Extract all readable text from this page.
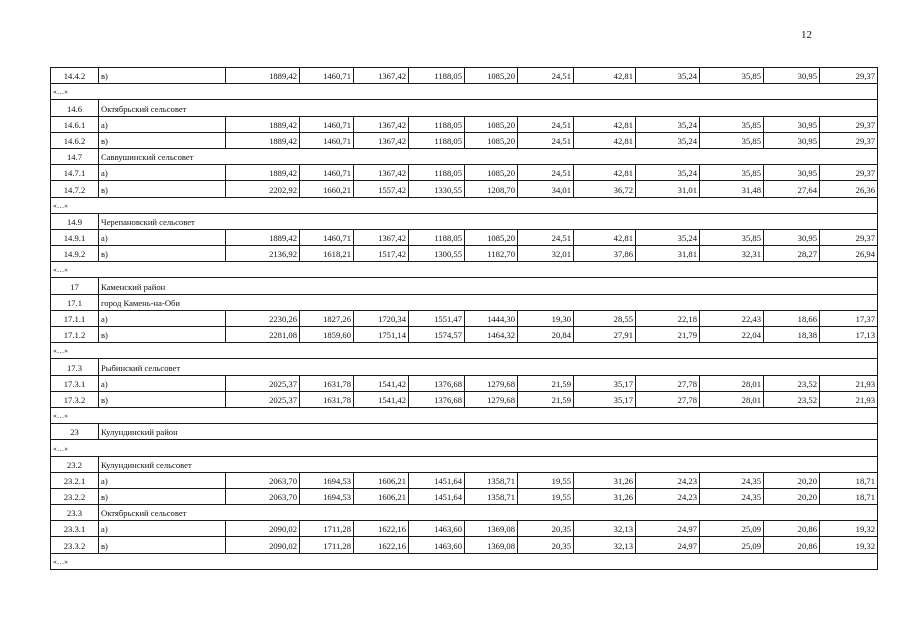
12
14.4.2	в)	1889,42	1460,71	1367,42	1188,05	1085,20	24,51	42,81	35,24	35,85	30,95	29,37
«…»												
14.6	Октябрьский сельсовет											
14.6.1	а)	1889,42	1460,71	1367,42	1188,05	1085,20	24,51	42,81	35,24	35,85	30,95	29,37
14.6.2	в)	1889,42	1460,71	1367,42	1188,05	1085,20	24,51	42,81	35,24	35,85	30,95	29,37
14.7	Саввушинский сельсовет											
14.7.1	а)	1889,42	1460,71	1367,42	1188,05	1085,20	24,51	42,81	35,24	35,85	30,95	29,37
14.7.2	в)	2202,92	1660,21	1557,42	1330,55	1208,70	34,01	36,72	31,01	31,48	27,64	26,36
«…»												
14.9	Черепановский сельсовет											
14.9.1	а)	1889,42	1460,71	1367,42	1188,05	1085,20	24,51	42,81	35,24	35,85	30,95	29,37
14.9.2	в)	2136,92	1618,21	1517,42	1300,55	1182,70	32,01	37,86	31,81	32,31	28,27	26,94
«…»												
17	Каменский район											
17.1	город Камень-на-Оби											
17.1.1	а)	2230,26	1827,26	1720,34	1551,47	1444,30	19,30	28,55	22,18	22,43	18,66	17,37
17.1.2	в)	2281,08	1859,60	1751,14	1574,57	1464,32	20,84	27,91	21,79	22,04	18,38	17,13
«…»												
17.3	Рыбинский сельсовет											
17.3.1	а)	2025,37	1631,78	1541,42	1376,68	1279,68	21,59	35,17	27,78	28,01	23,52	21,93
17.3.2	в)	2025,37	1631,78	1541,42	1376,68	1279,68	21,59	35,17	27,78	28,01	23,52	21,93
«…»												
23	Кулундинский район											
«…»												
23.2	Кулундинский сельсовет											
23.2.1	а)	2063,70	1694,53	1606,21	1451,64	1358,71	19,55	31,26	24,23	24,35	20,20	18,71
23.2.2	в)	2063,70	1694,53	1606,21	1451,64	1358,71	19,55	31,26	24,23	24,35	20,20	18,71
23.3	Октябрьский сельсовет											
23.3.1	а)	2090,02	1711,28	1622,16	1463,60	1369,08	20,35	32,13	24,97	25,09	20,86	19,32
23.3.2	в)	2090,02	1711,28	1622,16	1463,60	1369,08	20,35	32,13	24,97	25,09	20,86	19,32
«…»												
